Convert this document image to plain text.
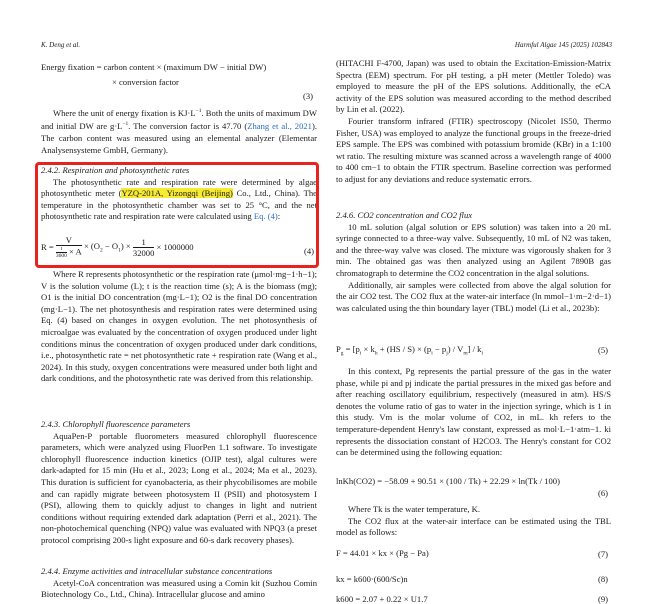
K. Deng et al.	Harmful Algae 145 (2025) 102843
Energy fixation = carbon content × (maximum DW − initial DW)
× conversion factor
(3)

Where the unit of energy fixation is $KJ\cdot L^{-1}$. Both the units of maximum DW and initial DW are $g\cdot L^{-1}$. The conversion factor is 47.70 (Zhang et al., 2021). The carbon content was measured using an elemental analyzer (Elementar Analysensysteme GmbH, Germany).

2.4.2. Respiration and photosynthetic rates

The photosynthetic rate and respiration rate were determined by algae photosynthetic meter (YZQ-201A, Yizongqi (Beijing) Co., Ltd., China). The temperature in the photosynthetic chamber was set to 25 °C, and the net photosynthetic rate and respiration rate were calculated using Eq. (4):

$R = \frac{V}{\frac{t}{3600} \times A} \times (O_2 - O_1) \times \frac{1}{32000} \times 1000000$	(4)

Where R represents photosynthetic or the respiration rate (μmol·mg−1·h−1); V is the solution volume (L); t is the reaction time (s); A is the biomass (mg); O1 is the initial DO concentration (mg·L−1); O2 is the final DO concentration (mg·L−1). The net photosynthesis and respiration rates were determined using Eq. (4) based on changes in oxygen evolution. The net photosynthesis of microalgae was evaluated by the concentration of oxygen produced under light conditions minus the concentration of oxygen produced under dark conditions, i.e., photosynthetic rate = net photosynthetic rate + respiration rate (Wang et al., 2024). In this study, oxygen concentrations were measured under both light and dark conditions, and the photosynthetic rate was derived from this relationship.

2.4.3. Chlorophyll fluorescence parameters

AquaPen-P portable fluorometers measured chlorophyll fluorescence parameters, which were analyzed using FluorPen 1.1 software. To investigate chlorophyll fluorescence induction kinetics (OJIP test), algal cultures were dark-adapted for 15 min (Hu et al., 2023; Long et al., 2024; Ma et al., 2023). This duration is sufficient for cyanobacteria, as their phycobilisomes are mobile and can rapidly migrate between photosystem II (PSII) and photosystem I (PSI), allowing them to quickly adjust to changes in light and nutrient conditions without requiring extended dark adaptation (Perri et al., 2021). The non-photochemical quenching (NPQ) value was evaluated with NPQ3 (a preset protocol comprising 200-s light exposure and 60-s dark recovery phases).

2.4.4. Enzyme activities and intracellular substance concentrations

Acetyl-CoA concentration was measured using a Comin kit (Suzhou Comin Biotechnology Co., Ltd., China). Intracellular glucose and amino

(HITACHI F-4700, Japan) was used to obtain the Excitation-Emission-Matrix Spectra (EEM) spectrum. For pH testing, a pH meter (Mettler Toledo) was employed to measure the pH of the EPS solutions. Additionally, the eCA activity of the EPS solution was measured according to the method described by Lin et al. (2022).

Fourier transform infrared (FTIR) spectroscopy (Nicolet IS50, Thermo Fisher, USA) was employed to analyze the functional groups in the freeze-dried EPS sample. The EPS was combined with potassium bromide (KBr) in a 1:100 wt ratio. The resulting mixture was scanned across a wavelength range of 4000 to 400 cm−1 to obtain the FTIR spectrum. Baseline correction was performed to adjust for any deviations and reduce systematic errors.

2.4.6. CO2 concentration and CO2 flux

10 mL solution (algal solution or EPS solution) was taken into a 20 mL syringe connected to a three-way valve. Subsequently, 10 mL of N2 was taken, and the three-way valve was closed. The mixture was vigorously shaken for 3 min. The obtained gas was then analyzed using an Agilent 7890B gas chromatograph to determine the CO2 concentration in the algal solutions.

Additionally, air samples were collected from above the algal solution for the air CO2 test. The CO2 flux at the water-air interface (ln mmol−1·m−2·d−1) was calculated using the thin boundary layer (TBL) model (Li et al., 2023b):

$P_g = [p_i \times k_h + (HS / S) \times (p_i - p_j) / V_m] / k_i$	(5)

In this context, Pg represents the partial pressure of the gas in the water phase, while pi and pj indicate the partial pressures in the mixed gas before and after reaching oscillatory equilibrium, respectively (measured in atm). HS/S denotes the volume ratio of gas to water in the injection syringe, which is 1 in this study. Vm is the molar volume of CO2, in mL. kh refers to the temperature-dependent Henry's law constant, expressed as mol·L−1·atm−1. ki represents the dissociation constant of H2CO3. The Henry's constant for CO2 can be determined using the following equation:

lnKh(CO2) = −58.09 + 90.51 × (100 / Tk) + 22.29 × ln(Tk / 100)
(6)

Where Tk is the water temperature, K.

The CO2 flux at the water-air interface can be estimated using the TBL model as follows:

F = 44.01 × kx × (Pg − Pa)	(7)
kx = k600·(600/Sc)n	(8)
k600 = 2.07 + 0.22 × U1.7	(9)
